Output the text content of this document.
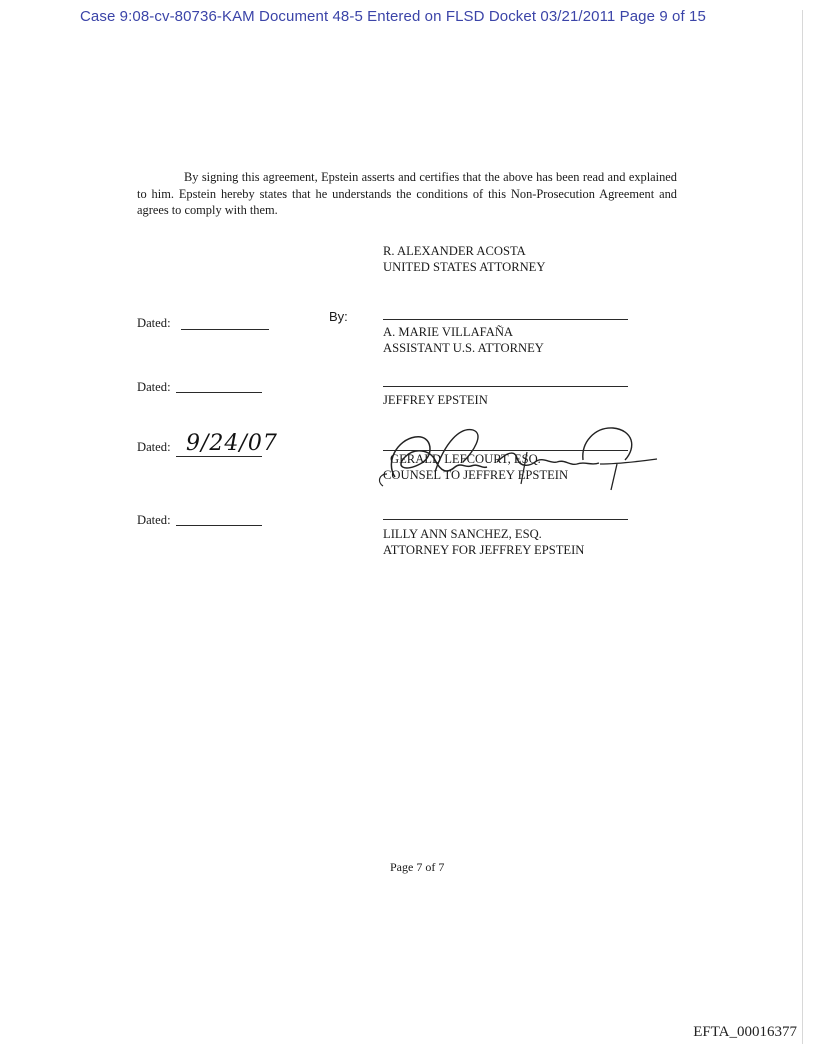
Case 9:08-cv-80736-KAM Document 48-5 Entered on FLSD Docket 03/21/2011 Page 9 of 15

By signing this agreement, Epstein asserts and certifies that the above has been read and explained to him. Epstein hereby states that he understands the conditions of this Non-Prosecution Agreement and agrees to comply with them.

R. ALEXANDER ACOSTA
UNITED STATES ATTORNEY
Dated:	By:
A. MARIE VILLAFAÑA
ASSISTANT U.S. ATTORNEY
Dated:
JEFFREY EPSTEIN
Dated: 9/24/07
GERALD LEFCOURT, ESQ.
COUNSEL TO JEFFREY EPSTEIN
Dated:
LILLY ANN SANCHEZ, ESQ.
ATTORNEY FOR JEFFREY EPSTEIN
Page 7 of 7
EFTA_00016377
